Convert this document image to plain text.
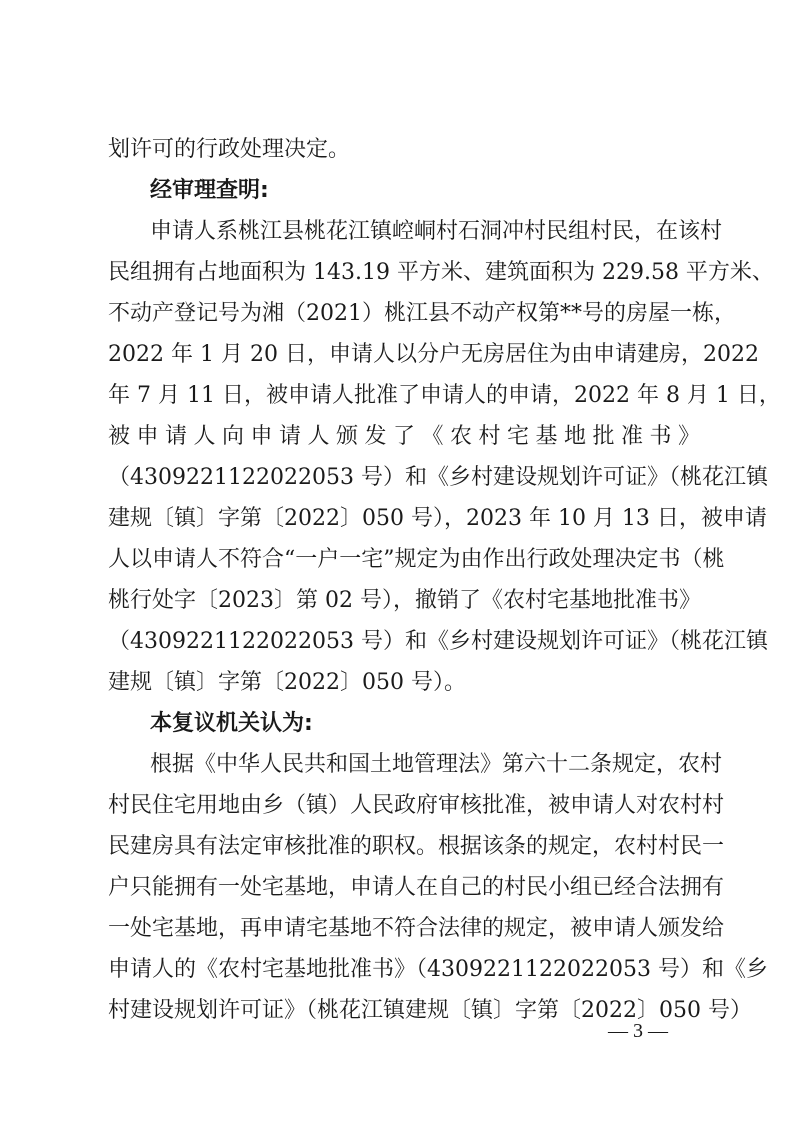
划许可的行政处理决定。
经审理查明:
申请人系桃江县桃花江镇崆峒村石洞冲村民组村民，在该村
民组拥有占地面积为 143.19 平方米、建筑面积为 229.58 平方米、
不动产登记号为湘（2021）桃江县不动产权第**号的房屋一栋，
2022 年 1 月 20 日，申请人以分户无房居住为由申请建房，2022
年 7 月 11 日，被申请人批准了申请人的申请，2022 年 8 月 1 日，
被申请人向申请人颁发了《农村宅基地批准书》
（4309221122022053 号）和《乡村建设规划许可证》（桃花江镇
建规〔镇〕字第〔2022〕050 号），2023 年 10 月 13 日，被申请
人以申请人不符合“一户一宅”规定为由作出行政处理决定书（桃
桃行处字〔2023〕第 02 号），撤销了《农村宅基地批准书》
（4309221122022053 号）和《乡村建设规划许可证》（桃花江镇
建规〔镇〕字第〔2022〕050 号）。
本复议机关认为:
根据《中华人民共和国土地管理法》第六十二条规定，农村
村民住宅用地由乡（镇）人民政府审核批准，被申请人对农村村
民建房具有法定审核批准的职权。根据该条的规定，农村村民一
户只能拥有一处宅基地，申请人在自己的村民小组已经合法拥有
一处宅基地，再申请宅基地不符合法律的规定，被申请人颁发给
申请人的《农村宅基地批准书》（4309221122022053 号）和《乡
村建设规划许可证》（桃花江镇建规〔镇〕字第〔2022〕050 号）
— 3 —
